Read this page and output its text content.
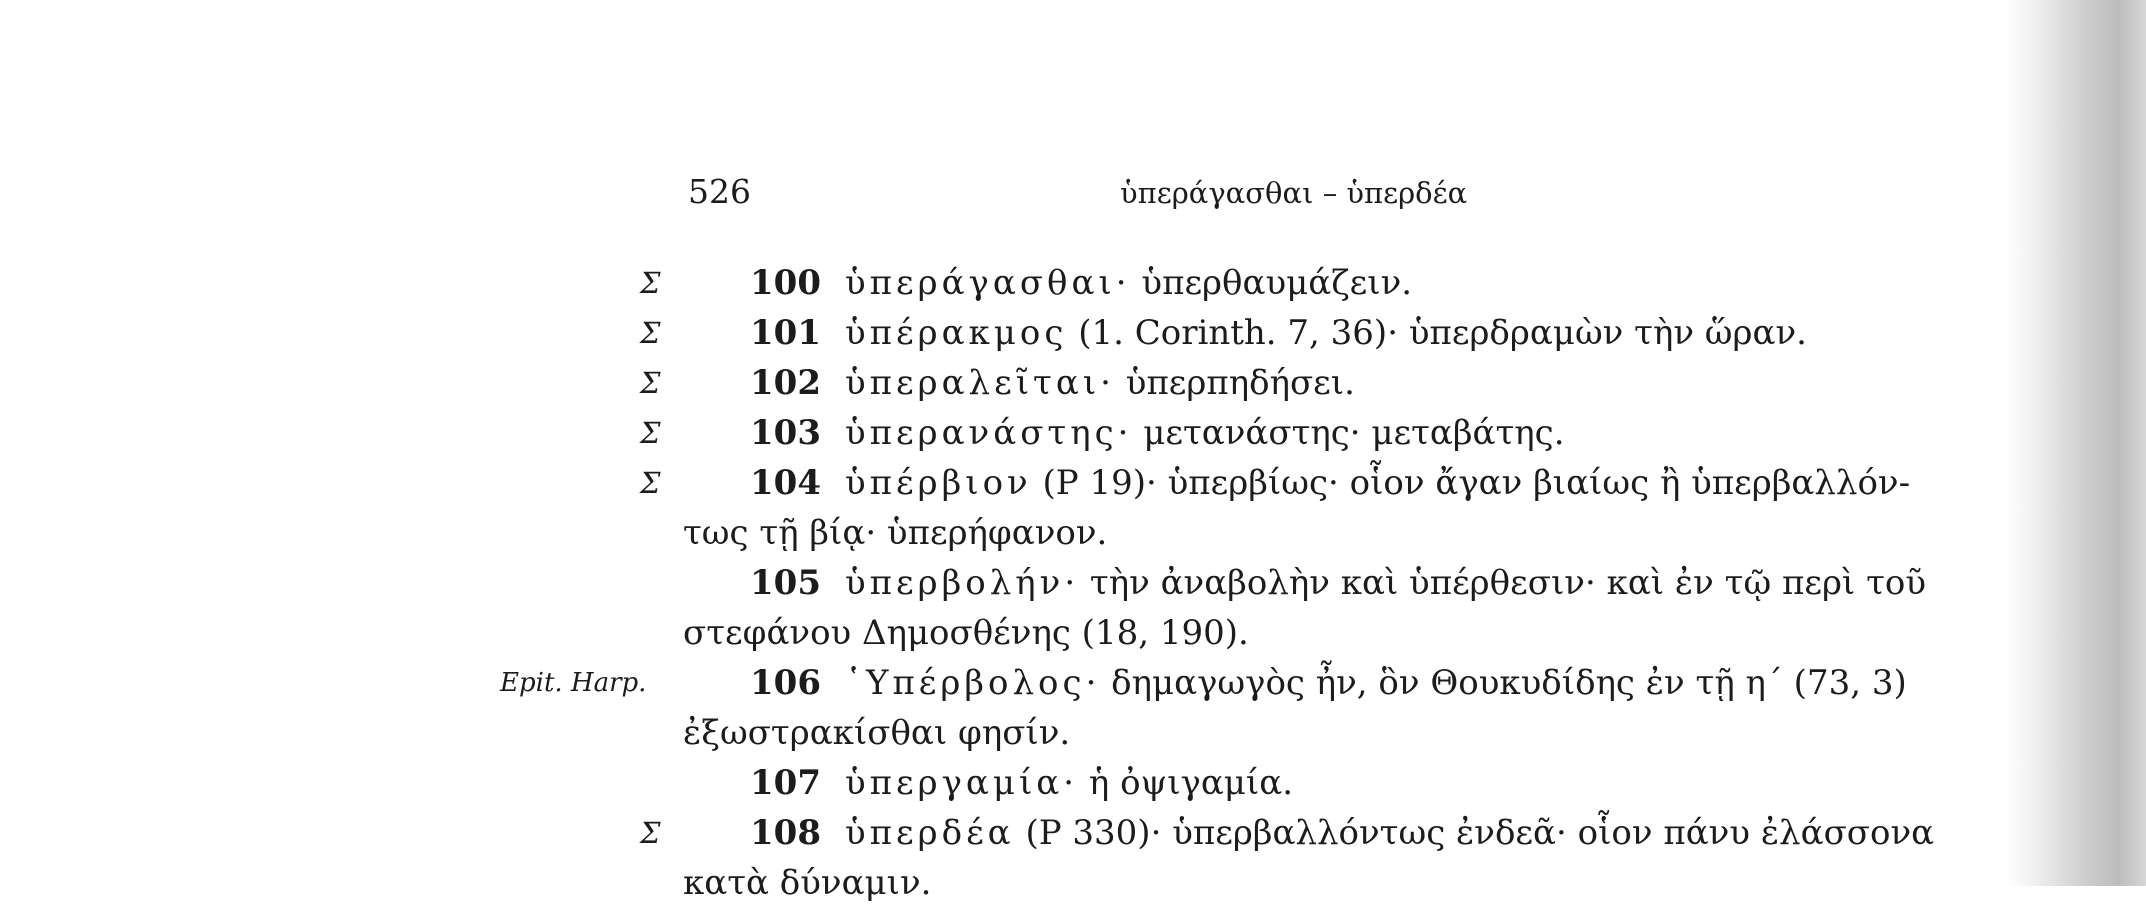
526	ὑπεράγασθαι – ὑπερδέα
Σ	100 ὑπεράγασθαι· ὑπερθαυμάζειν.
Σ	101 ὑπέρακμος (1. Corinth. 7, 36)· ὑπερδραμὼν τὴν ὥραν.
Σ	102 ὑπεραλεῖται· ὑπερπηδήσει.
Σ	103 ὑπερανάστης· μετανάστης· μεταβάτης.
Σ	104 ὑπέρβιον (P 19)· ὑπερβίως· οἷον ἄγαν βιαίως ἢ ὑπερβαλλόν-
τως τῇ βίᾳ· ὑπερήφανον.
105 ὑπερβολήν· τὴν ἀναβολὴν καὶ ὑπέρθεσιν· καὶ ἐν τῷ περὶ τοῦ
στεφάνου Δημοσθένης (18, 190).
Epit. Harp.	106 ῾Υπέρβολος· δημαγωγὸς ἦν, ὃν Θουκυδίδης ἐν τῇ η΄ (73, 3)
ἐξωστρακίσθαι φησίν.
107 ὑπεργαμία· ἡ ὀψιγαμία.
Σ	108 ὑπερδέα (P 330)· ὑπερβαλλόντως ἐνδεᾶ· οἷον πάνυ ἐλάσσονα
κατὰ δύναμιν.
